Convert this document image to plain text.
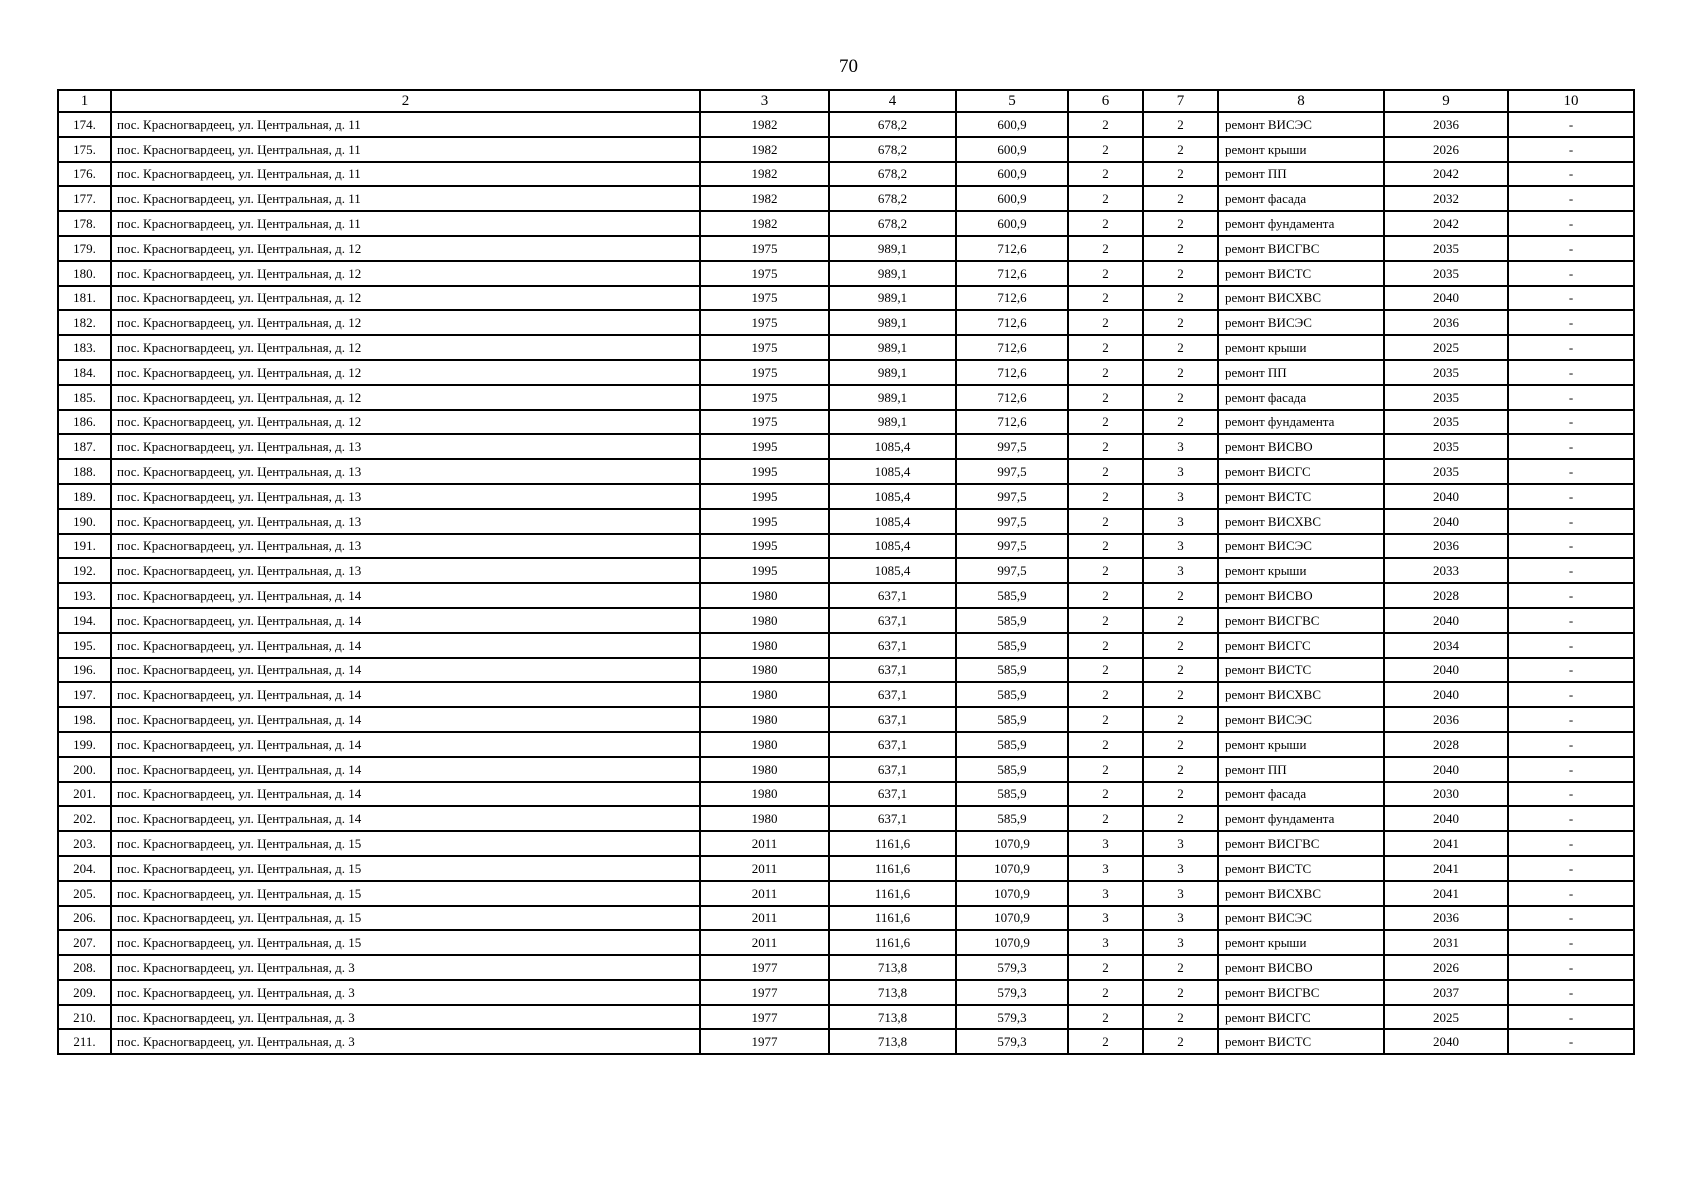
70
1	2	3	4	5	6	7	8	9	10
174.	пос. Красногвардеец, ул. Центральная, д. 11	1982	678,2	600,9	2	2	ремонт ВИСЭС	2036	-
175.	пос. Красногвардеец, ул. Центральная, д. 11	1982	678,2	600,9	2	2	ремонт крыши	2026	-
176.	пос. Красногвардеец, ул. Центральная, д. 11	1982	678,2	600,9	2	2	ремонт ПП	2042	-
177.	пос. Красногвардеец, ул. Центральная, д. 11	1982	678,2	600,9	2	2	ремонт фасада	2032	-
178.	пос. Красногвардеец, ул. Центральная, д. 11	1982	678,2	600,9	2	2	ремонт фундамента	2042	-
179.	пос. Красногвардеец, ул. Центральная, д. 12	1975	989,1	712,6	2	2	ремонт ВИСГВС	2035	-
180.	пос. Красногвардеец, ул. Центральная, д. 12	1975	989,1	712,6	2	2	ремонт ВИСТС	2035	-
181.	пос. Красногвардеец, ул. Центральная, д. 12	1975	989,1	712,6	2	2	ремонт ВИСХВС	2040	-
182.	пос. Красногвардеец, ул. Центральная, д. 12	1975	989,1	712,6	2	2	ремонт ВИСЭС	2036	-
183.	пос. Красногвардеец, ул. Центральная, д. 12	1975	989,1	712,6	2	2	ремонт крыши	2025	-
184.	пос. Красногвардеец, ул. Центральная, д. 12	1975	989,1	712,6	2	2	ремонт ПП	2035	-
185.	пос. Красногвардеец, ул. Центральная, д. 12	1975	989,1	712,6	2	2	ремонт фасада	2035	-
186.	пос. Красногвардеец, ул. Центральная, д. 12	1975	989,1	712,6	2	2	ремонт фундамента	2035	-
187.	пос. Красногвардеец, ул. Центральная, д. 13	1995	1085,4	997,5	2	3	ремонт ВИСВО	2035	-
188.	пос. Красногвардеец, ул. Центральная, д. 13	1995	1085,4	997,5	2	3	ремонт ВИСГС	2035	-
189.	пос. Красногвардеец, ул. Центральная, д. 13	1995	1085,4	997,5	2	3	ремонт ВИСТС	2040	-
190.	пос. Красногвардеец, ул. Центральная, д. 13	1995	1085,4	997,5	2	3	ремонт ВИСХВС	2040	-
191.	пос. Красногвардеец, ул. Центральная, д. 13	1995	1085,4	997,5	2	3	ремонт ВИСЭС	2036	-
192.	пос. Красногвардеец, ул. Центральная, д. 13	1995	1085,4	997,5	2	3	ремонт крыши	2033	-
193.	пос. Красногвардеец, ул. Центральная, д. 14	1980	637,1	585,9	2	2	ремонт ВИСВО	2028	-
194.	пос. Красногвардеец, ул. Центральная, д. 14	1980	637,1	585,9	2	2	ремонт ВИСГВС	2040	-
195.	пос. Красногвардеец, ул. Центральная, д. 14	1980	637,1	585,9	2	2	ремонт ВИСГС	2034	-
196.	пос. Красногвардеец, ул. Центральная, д. 14	1980	637,1	585,9	2	2	ремонт ВИСТС	2040	-
197.	пос. Красногвардеец, ул. Центральная, д. 14	1980	637,1	585,9	2	2	ремонт ВИСХВС	2040	-
198.	пос. Красногвардеец, ул. Центральная, д. 14	1980	637,1	585,9	2	2	ремонт ВИСЭС	2036	-
199.	пос. Красногвардеец, ул. Центральная, д. 14	1980	637,1	585,9	2	2	ремонт крыши	2028	-
200.	пос. Красногвардеец, ул. Центральная, д. 14	1980	637,1	585,9	2	2	ремонт ПП	2040	-
201.	пос. Красногвардеец, ул. Центральная, д. 14	1980	637,1	585,9	2	2	ремонт фасада	2030	-
202.	пос. Красногвардеец, ул. Центральная, д. 14	1980	637,1	585,9	2	2	ремонт фундамента	2040	-
203.	пос. Красногвардеец, ул. Центральная, д. 15	2011	1161,6	1070,9	3	3	ремонт ВИСГВС	2041	-
204.	пос. Красногвардеец, ул. Центральная, д. 15	2011	1161,6	1070,9	3	3	ремонт ВИСТС	2041	-
205.	пос. Красногвардеец, ул. Центральная, д. 15	2011	1161,6	1070,9	3	3	ремонт ВИСХВС	2041	-
206.	пос. Красногвардеец, ул. Центральная, д. 15	2011	1161,6	1070,9	3	3	ремонт ВИСЭС	2036	-
207.	пос. Красногвардеец, ул. Центральная, д. 15	2011	1161,6	1070,9	3	3	ремонт крыши	2031	-
208.	пос. Красногвардеец, ул. Центральная, д. 3	1977	713,8	579,3	2	2	ремонт ВИСВО	2026	-
209.	пос. Красногвардеец, ул. Центральная, д. 3	1977	713,8	579,3	2	2	ремонт ВИСГВС	2037	-
210.	пос. Красногвардеец, ул. Центральная, д. 3	1977	713,8	579,3	2	2	ремонт ВИСГС	2025	-
211.	пос. Красногвардеец, ул. Центральная, д. 3	1977	713,8	579,3	2	2	ремонт ВИСТС	2040	-
